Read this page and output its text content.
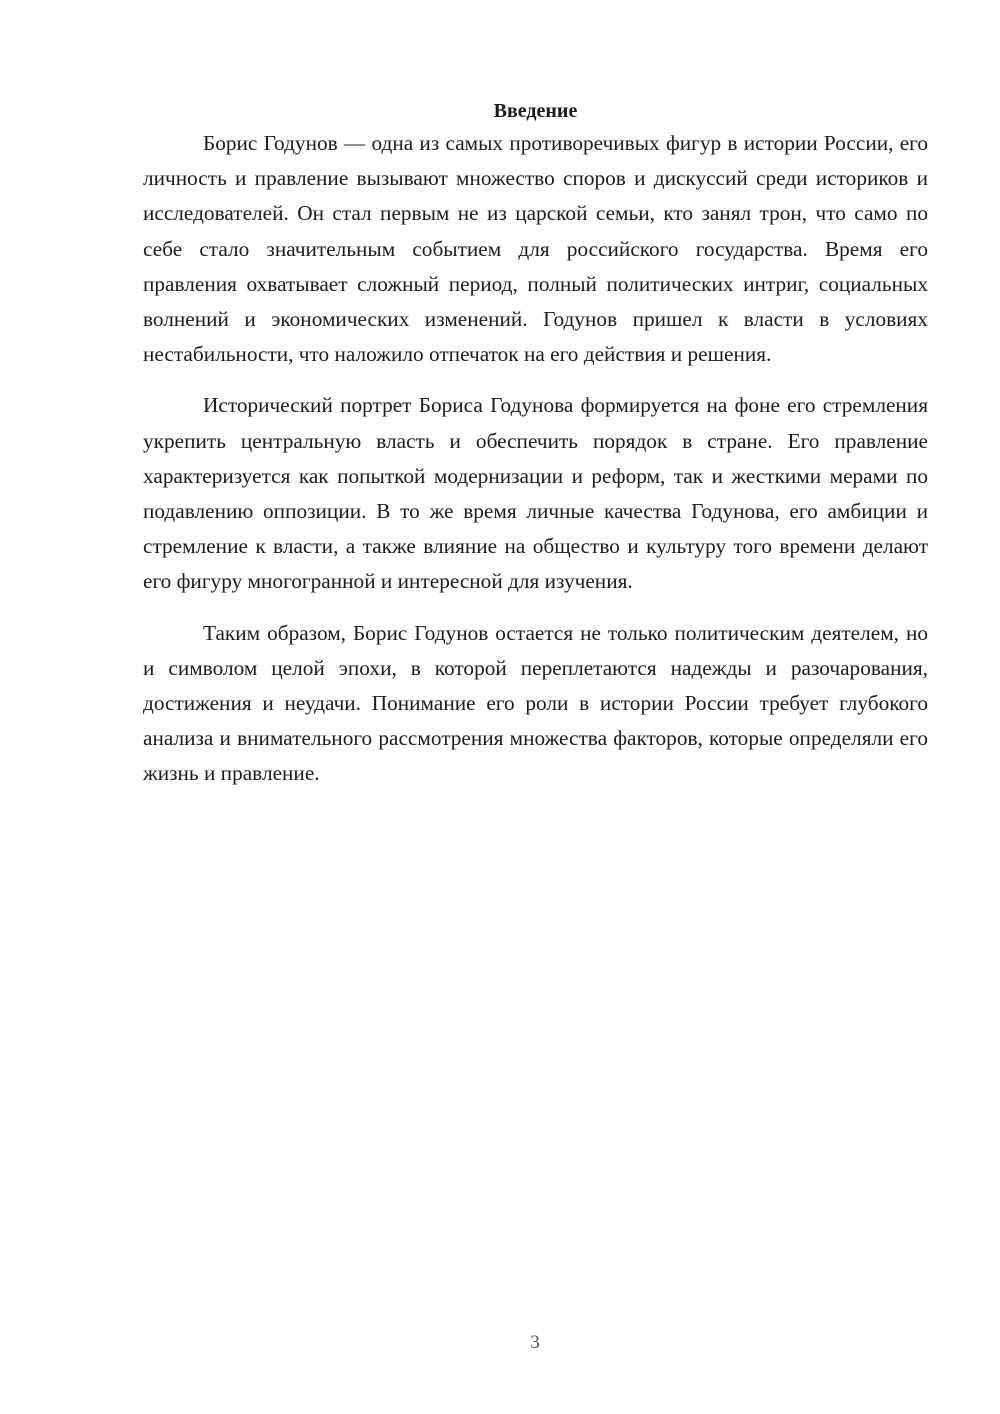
Введение

Борис Годунов — одна из самых противоречивых фигур в истории России, его личность и правление вызывают множество споров и дискуссий среди историков и исследователей. Он стал первым не из царской семьи, кто занял трон, что само по себе стало значительным событием для российского государства. Время его правления охватывает сложный период, полный политических интриг, социальных волнений и экономических изменений. Годунов пришел к власти в условиях нестабильности, что наложило отпечаток на его действия и решения.

Исторический портрет Бориса Годунова формируется на фоне его стремления укрепить центральную власть и обеспечить порядок в стране. Его правление характеризуется как попыткой модернизации и реформ, так и жесткими мерами по подавлению оппозиции. В то же время личные качества Годунова, его амбиции и стремление к власти, а также влияние на общество и культуру того времени делают его фигуру многогранной и интересной для изучения.

Таким образом, Борис Годунов остается не только политическим деятелем, но и символом целой эпохи, в которой переплетаются надежды и разочарования, достижения и неудачи. Понимание его роли в истории России требует глубокого анализа и внимательного рассмотрения множества факторов, которые определяли его жизнь и правление.

3
